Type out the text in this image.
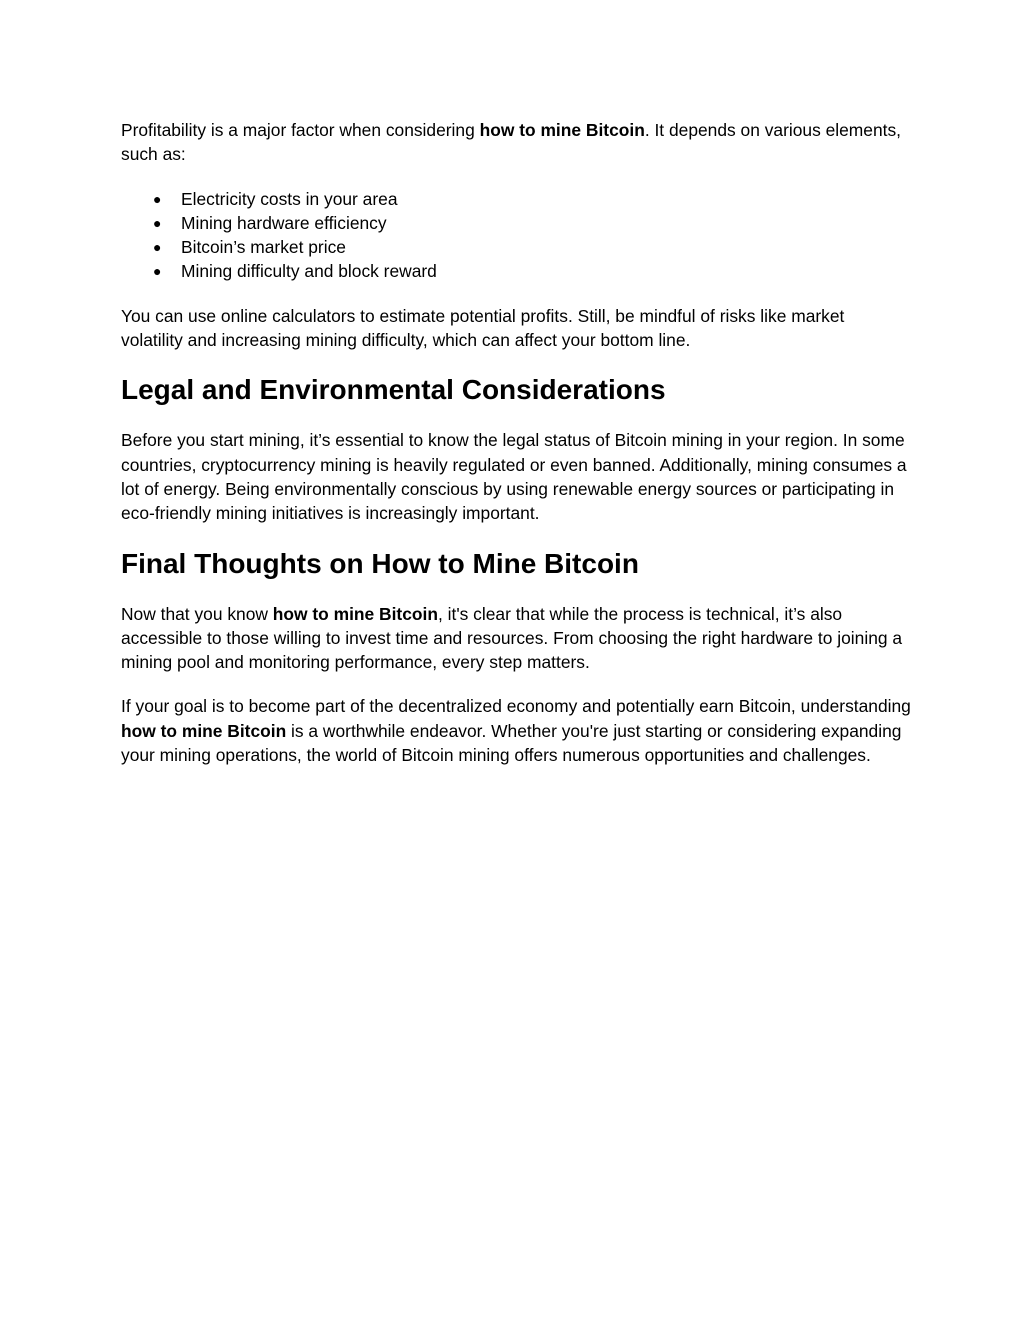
Profitability is a major factor when considering how to mine Bitcoin. It depends on various elements, such as:

● Electricity costs in your area
● Mining hardware efficiency
● Bitcoin’s market price
● Mining difficulty and block reward

You can use online calculators to estimate potential profits. Still, be mindful of risks like market volatility and increasing mining difficulty, which can affect your bottom line.

Legal and Environmental Considerations

Before you start mining, it’s essential to know the legal status of Bitcoin mining in your region. In some countries, cryptocurrency mining is heavily regulated or even banned. Additionally, mining consumes a lot of energy. Being environmentally conscious by using renewable energy sources or participating in eco-friendly mining initiatives is increasingly important.

Final Thoughts on How to Mine Bitcoin

Now that you know how to mine Bitcoin, it's clear that while the process is technical, it’s also accessible to those willing to invest time and resources. From choosing the right hardware to joining a mining pool and monitoring performance, every step matters.

If your goal is to become part of the decentralized economy and potentially earn Bitcoin, understanding how to mine Bitcoin is a worthwhile endeavor. Whether you're just starting or considering expanding your mining operations, the world of Bitcoin mining offers numerous opportunities and challenges.
